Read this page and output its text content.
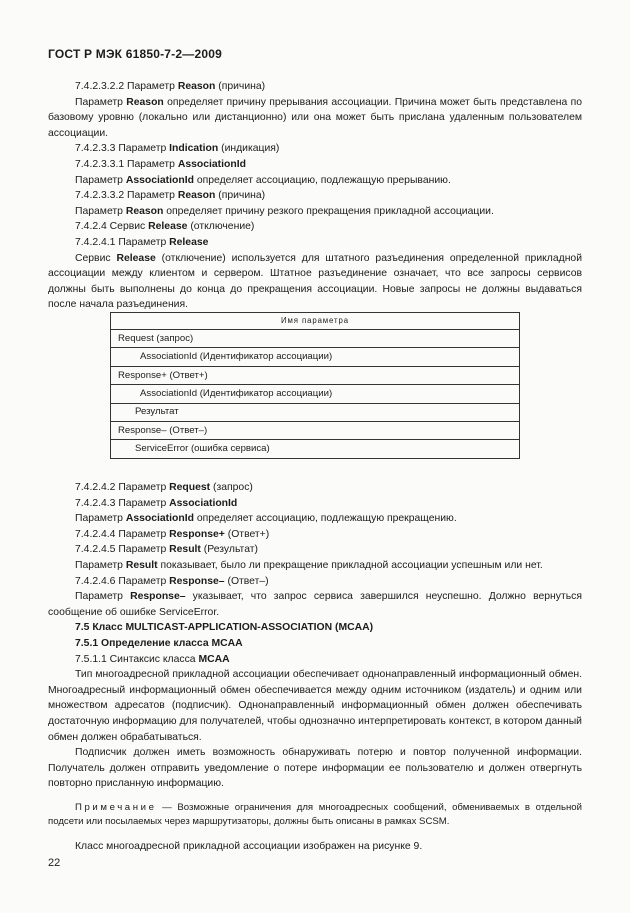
ГОСТ Р МЭК 61850-7-2—2009
7.4.2.3.2.2 Параметр Reason (причина)
Параметр Reason определяет причину прерывания ассоциации. Причина может быть представлена по базовому уровню (локально или дистанционно) или она может быть прислана удаленным пользователем ассоциации.
7.4.2.3.3 Параметр Indication (индикация)
7.4.2.3.3.1 Параметр AssociationId
Параметр AssociationId определяет ассоциацию, подлежащую прерыванию.
7.4.2.3.3.2 Параметр Reason (причина)
Параметр Reason определяет причину резкого прекращения прикладной ассоциации.
7.4.2.4 Сервис Release (отключение)
7.4.2.4.1 Параметр Release
Сервис Release (отключение) используется для штатного разъединения определенной прикладной ассоциации между клиентом и сервером. Штатное разъединение означает, что все запросы сервисов должны быть выполнены до конца до прекращения ассоциации. Новые запросы не должны выдаваться после начала разъединения.
Имя параметра
Request (запрос)
AssociationId (Идентификатор ассоциации)
Response+ (Ответ+)
AssociationId (Идентификатор ассоциации)
Результат
Response– (Ответ–)
ServiceError (ошибка сервиса)
7.4.2.4.2 Параметр Request (запрос)
7.4.2.4.3 Параметр AssociationId
Параметр AssociationId определяет ассоциацию, подлежащую прекращению.
7.4.2.4.4 Параметр Response+ (Ответ+)
7.4.2.4.5 Параметр Result (Результат)
Параметр Result показывает, было ли прекращение прикладной ассоциации успешным или нет.
7.4.2.4.6 Параметр Response– (Ответ–)
Параметр Response– указывает, что запрос сервиса завершился неуспешно. Должно вернуться сообщение об ошибке ServiceError.
7.5 Класс MULTICAST-APPLICATION-ASSOCIATION (MCAA)
7.5.1 Определение класса MCAA
7.5.1.1 Синтаксис класса MCAA
Тип многоадресной прикладной ассоциации обеспечивает однонаправленный информационный обмен. Многоадресный информационный обмен обеспечивается между одним источником (издатель) и одним или множеством адресатов (подписчик). Однонаправленный информационный обмен должен обеспечивать достаточную информацию для получателей, чтобы однозначно интерпретировать контекст, в котором данный обмен должен обрабатываться.
Подписчик должен иметь возможность обнаруживать потерю и повтор полученной информации. Получатель должен отправить уведомление о потере информации ее пользователю и должен отвергнуть повторно присланную информацию.
Примечание — Возможные ограничения для многоадресных сообщений, обмениваемых в отдельной подсети или посылаемых через маршрутизаторы, должны быть описаны в рамках SCSM.
Класс многоадресной прикладной ассоциации изображен на рисунке 9.
22
